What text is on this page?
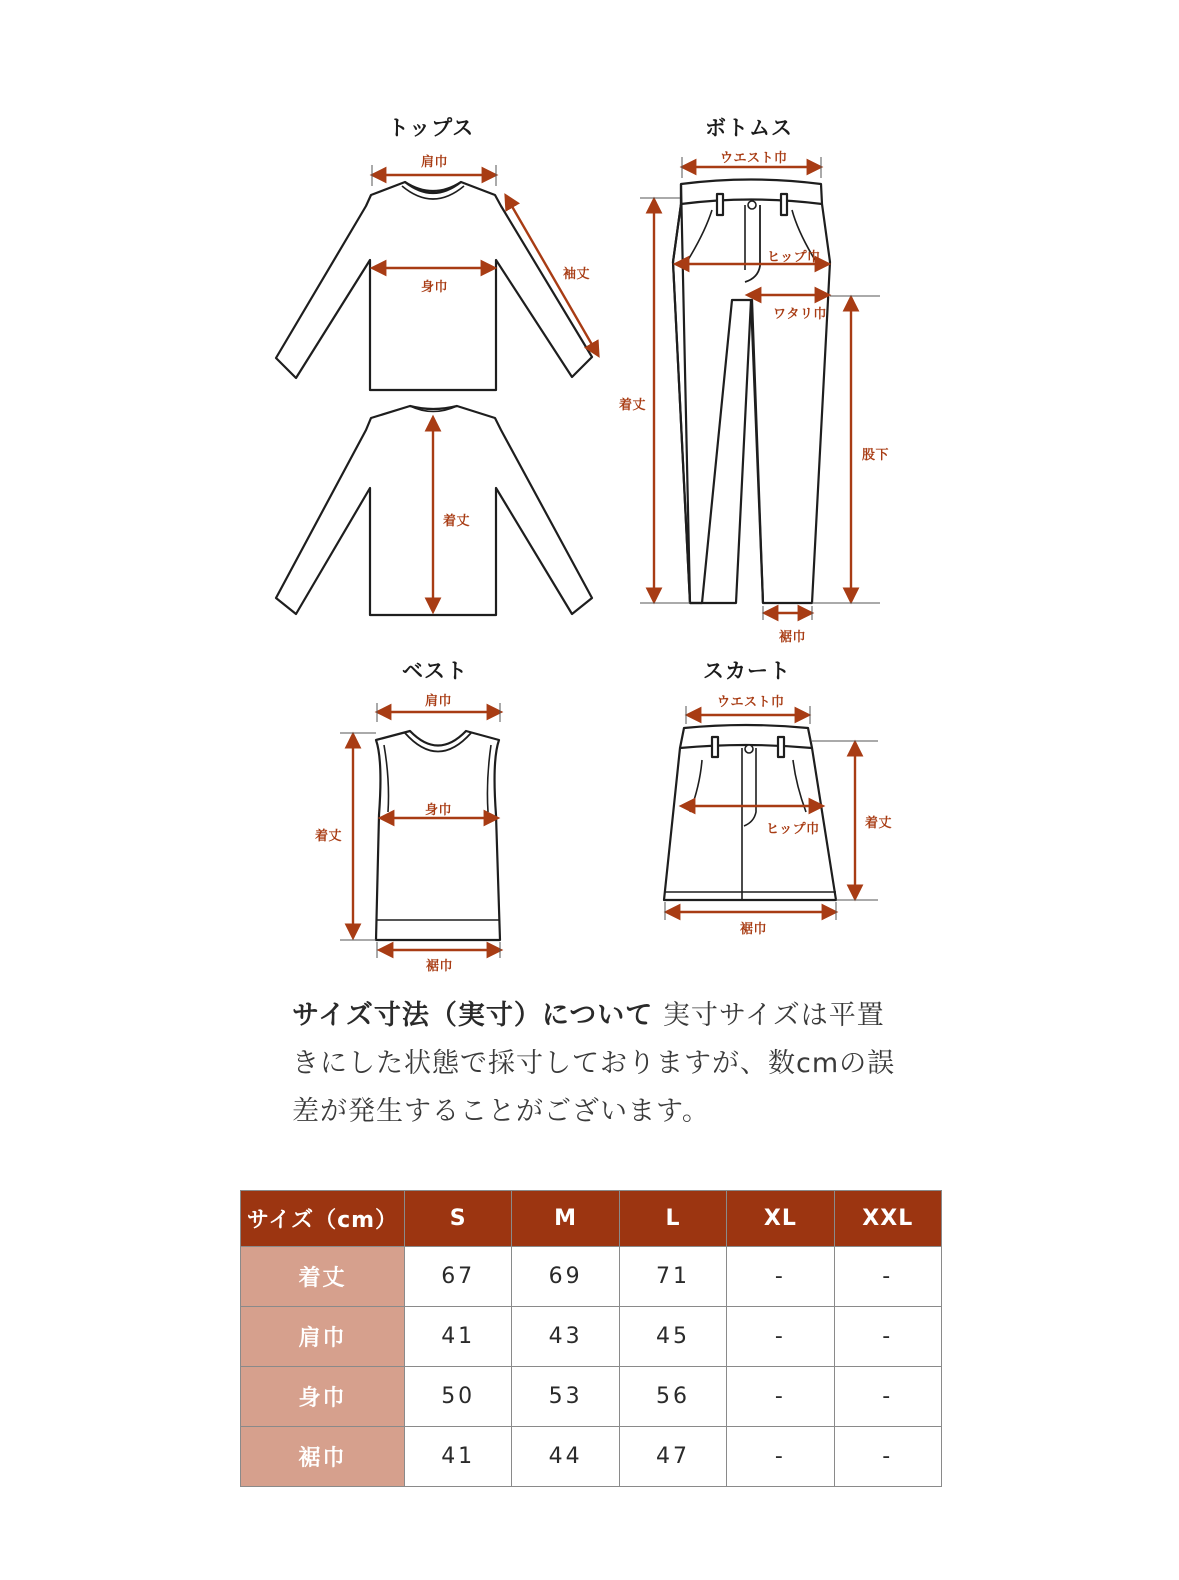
トップス	ボトムス
ベスト	スカート
肩巾
袖丈
身巾
着丈
ウエスト巾
ヒップ巾
ワタリ巾
着丈
股下
裾巾
肩巾
身巾
着丈
裾巾
ウエスト巾
ヒップ巾	着丈
裾巾
サイズ寸法（実寸）について 実寸サイズは平置きにした状態で採寸しておりますが、数cmの誤差が発生することがございます。
サイズ（cm）	S	M	L	XL	XXL
着丈	67	69	71	-	-
肩巾	41	43	45	-	-
身巾	50	53	56	-	-
裾巾	41	44	47	-	-
